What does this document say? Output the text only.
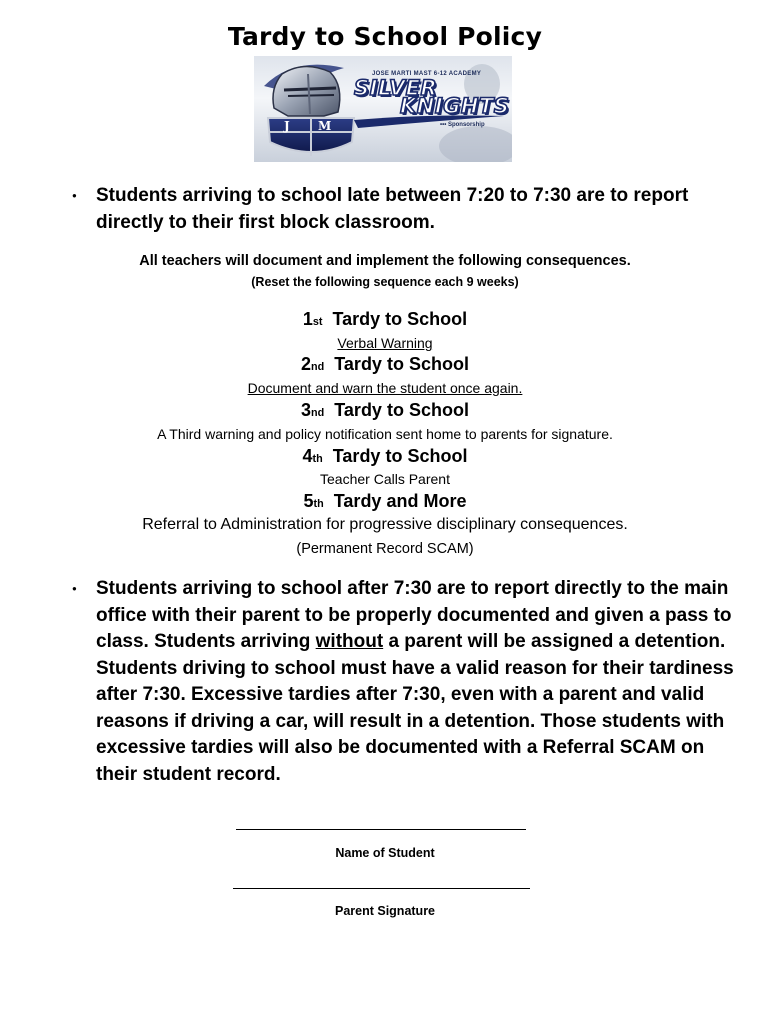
Tardy to School Policy
J M
JOSE MARTI MAST 6-12 ACADEMY
SILVER
KNIGHTS
••• Sponsorship
● Students arriving to school late between 7:20 to 7:30 are to report directly to their first block classroom.
All teachers will document and implement the following consequences.
(Reset the following sequence each 9 weeks)
1st Tardy to School
Verbal Warning
2nd Tardy to School
Document and warn the student once again.
3nd Tardy to School
A Third warning and policy notification sent home to parents for signature.
4th Tardy to School
Teacher Calls Parent
5th Tardy and More
Referral to Administration for progressive disciplinary consequences.
(Permanent Record SCAM)
● Students arriving to school after 7:30 are to report directly to the main office with their parent to be properly documented and given a pass to class. Students arriving without a parent will be assigned a detention. Students driving to school must have a valid reason for their tardiness after 7:30. Excessive tardies after 7:30, even with a parent and valid reasons if driving a car, will result in a detention. Those students with excessive tardies will also be documented with a Referral SCAM on their student record.
Name of Student
Parent Signature
